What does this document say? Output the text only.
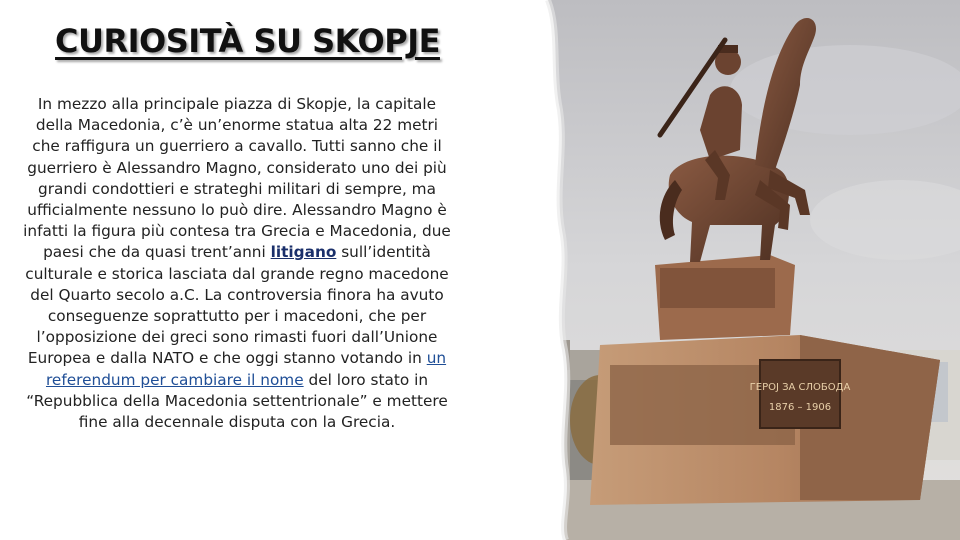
ГЕРОЈ ЗА СЛОБОДА
1876 – 1906
CURIOSITÀ SU SKOPJE

In mezzo alla principale piazza di Skopje, la capitale della Macedonia, c’è un’enorme statua alta 22 metri che raffigura un guerriero a cavallo. Tutti sanno che il guerriero è Alessandro Magno, considerato uno dei più grandi condottieri e strateghi militari di sempre, ma ufficialmente nessuno lo può dire. Alessandro Magno è infatti la figura più contesa tra Grecia e Macedonia, due paesi che da quasi trent’anni litigano sull’identità culturale e storica lasciata dal grande regno macedone del Quarto secolo a.C. La controversia finora ha avuto conseguenze soprattutto per i macedoni, che per l’opposizione dei greci sono rimasti fuori dall’Unione Europea e dalla NATO e che oggi stanno votando in un referendum per cambiare il nome del loro stato in “Repubblica della Macedonia settentrionale” e mettere fine alla decennale disputa con la Grecia.
